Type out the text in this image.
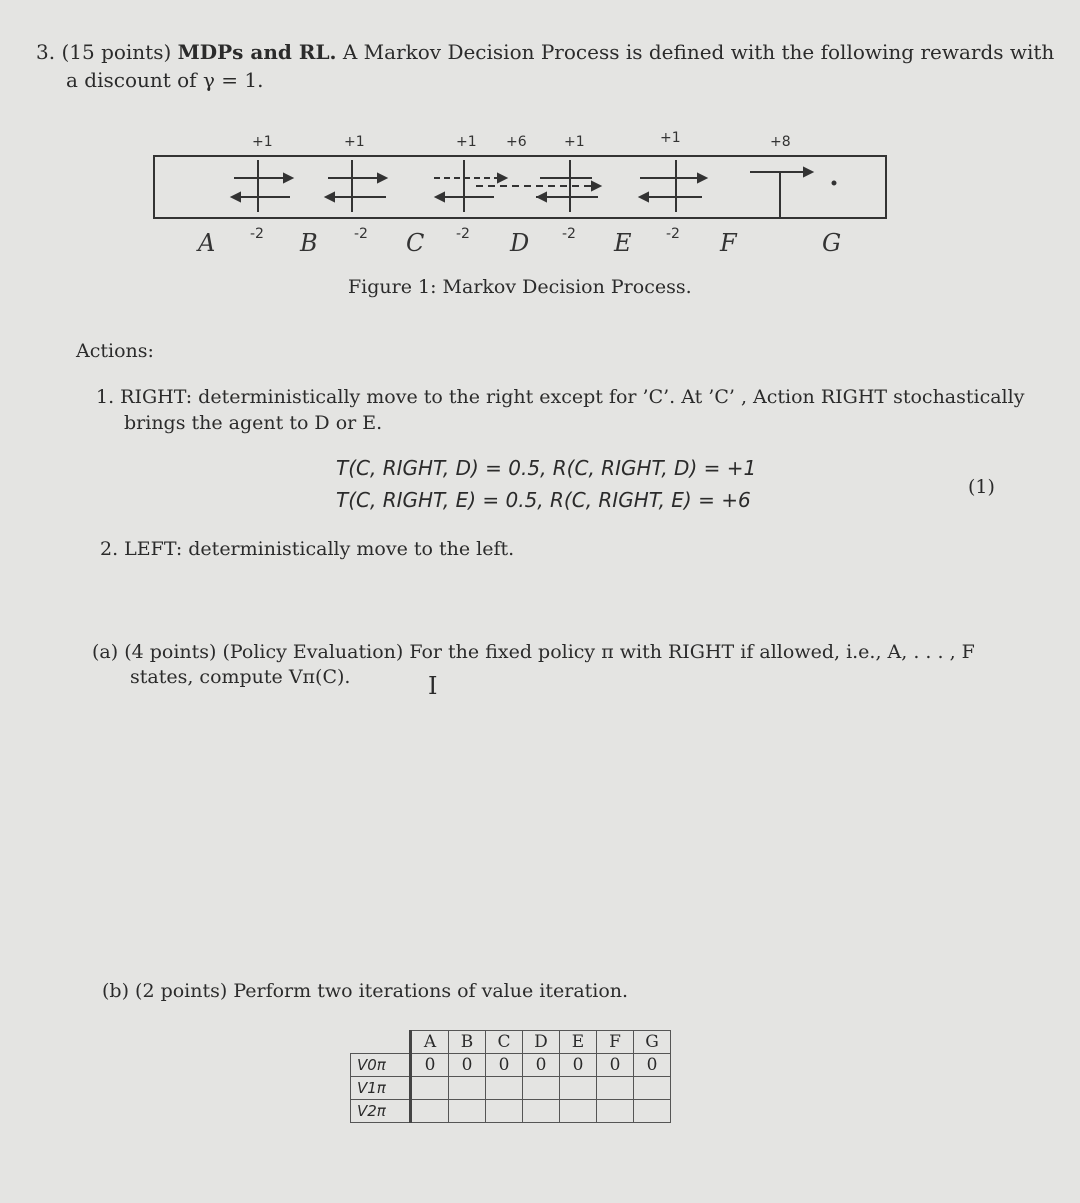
3. (15 points) MDPs and RL. A Markov Decision Process is defined with the following rewards with
a discount of γ = 1.
+1	+1	+1 +6	+1	+1	+8
-2	-2	-2	-2	-2
A	B	C	D	E	F	G
Figure 1: Markov Decision Process.
Actions:
1. RIGHT: deterministically move to the right except for ’C’. At ’C’ , Action RIGHT stochastically
brings the agent to D or E.
T(C, RIGHT, D) = 0.5, R(C, RIGHT, D) = +1
T(C, RIGHT, E) = 0.5, R(C, RIGHT, E) = +6
(1)
2. LEFT: deterministically move to the left.
(a) (4 points) (Policy Evaluation) For the fixed policy π with RIGHT if allowed, i.e., A, . . . , F
states, compute Vπ(C).	I
(b) (2 points) Perform two iterations of value iteration.
	A	B	C	D	E	F	G
V0π	0	0	0	0	0	0	0
V1π							
V2π							
